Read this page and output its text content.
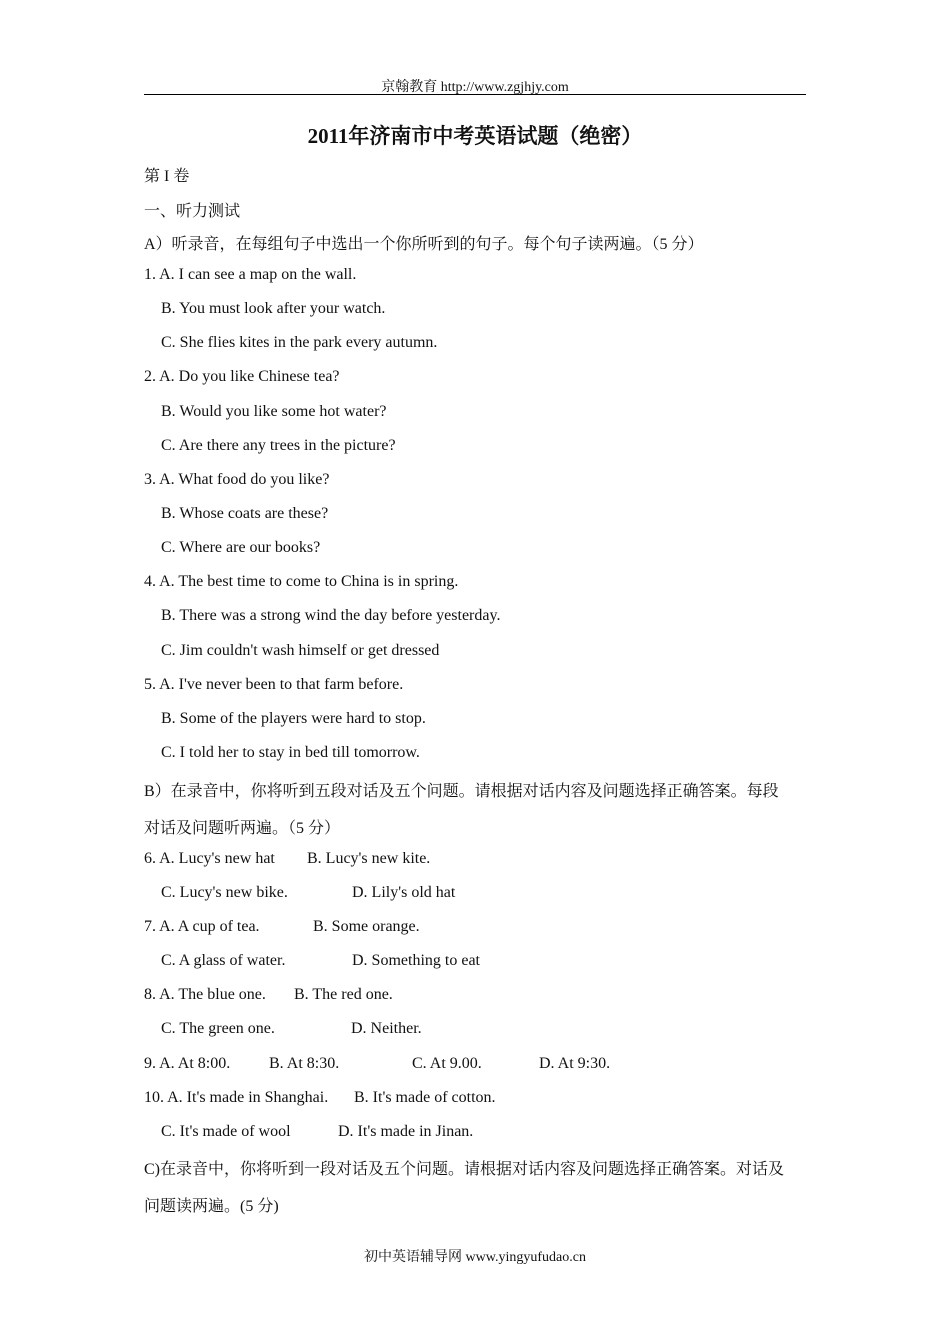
京翰教育 http://www.zgjhjy.com
2011年济南市中考英语试题（绝密）
第 I 卷
一、听力测试
A）听录音，在每组句子中选出一个你所听到的句子。每个句子读两遍。（5 分）
1. A. I can see a map on the wall.
B. You must look after your watch.
C. She flies kites in the park every autumn.
2. A. Do you like Chinese tea?
B. Would you like some hot water?
C. Are there any trees in the picture?
3. A. What food do you like?
B. Whose coats are these?
C. Where are our books?
4. A. The best time to come to China is in spring.
B. There was a strong wind the day before yesterday.
C. Jim couldn't wash himself or get dressed
5. A. I've never been to that farm before.
B. Some of the players were hard to stop.
C. I told her to stay in bed till tomorrow.
B）在录音中，你将听到五段对话及五个问题。请根据对话内容及问题选择正确答案。每段
对话及问题听两遍。（5 分）
6. A. Lucy's new hat B. Lucy's new kite.
C. Lucy's new bike.	D. Lily's old hat
7. A. A cup of tea.	B. Some orange.
C. A glass of water.	D. Something to eat
8. A. The blue one. B. The red one.
C. The green one.	D. Neither.
9. A. At 8:00. B. At 8:30.	C. At 9.00.	D. At 9:30.
10. A. It's made in Shanghai. B. It's made of cotton.
C. It's made of wool	D. It's made in Jinan.
C)在录音中，你将听到一段对话及五个问题。请根据对话内容及问题选择正确答案。对话及
问题读两遍。(5 分)
初中英语辅导网 www.yingyufudao.cn
